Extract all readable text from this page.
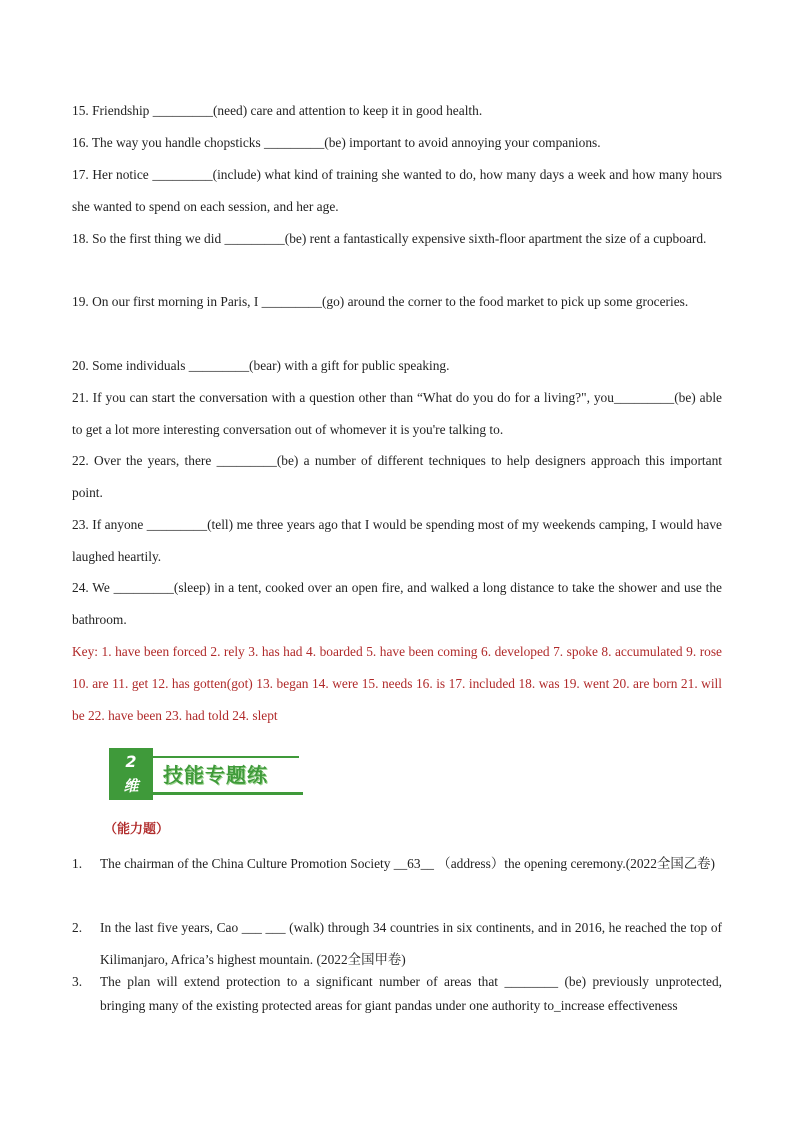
15. Friendship _________(need) care and attention to keep it in good health.
16. The way you handle chopsticks _________(be) important to avoid annoying your companions.
17. Her notice _________(include) what kind of training she wanted to do, how many days a week and how many hours she wanted to spend on each session, and her age.
18. So the first thing we did _________(be) rent a fantastically expensive sixth-floor apartment the size of a cupboard.
19. On our first morning in Paris, I _________(go) around the corner to the food market to pick up some groceries.
20. Some individuals _________(bear) with a gift for public speaking.
21. If you can start the conversation with a question other than “What do you do for a living?", you_________(be) able to get a lot more interesting conversation out of whomever it is you're talking to.
22. Over the years, there _________(be) a number of different techniques to help designers approach this important point.
23. If anyone _________(tell) me three years ago that I would be spending most of my weekends camping, I would have laughed heartily.
24. We _________(sleep) in a tent, cooked over an open fire, and walked a long distance to take the shower and use the bathroom.
Key: 1. have been forced 2. rely 3. has had 4. boarded 5. have been coming 6. developed 7. spoke 8. accumulated 9. rose 10. are 11. get 12. has gotten(got) 13. began 14. were 15. needs 16. is 17. included 18. was 19. went 20. are born 21. will be 22. have been 23. had told 24. slept
2
维	技能专题练
（能力题）
1.	The chairman of the China Culture Promotion Society __63__ （address）the opening ceremony.(2022全国乙卷)
2.	In the last five years, Cao ___ ___ (walk) through 34 countries in six continents, and in 2016, he reached the top of Kilimanjaro, Africa’s highest mountain. (2022全国甲卷)
3.	The plan will extend protection to a significant number of areas that ________ (be) previously unprotected, bringing many of the existing protected areas for giant pandas under one authority to_increase effectiveness
